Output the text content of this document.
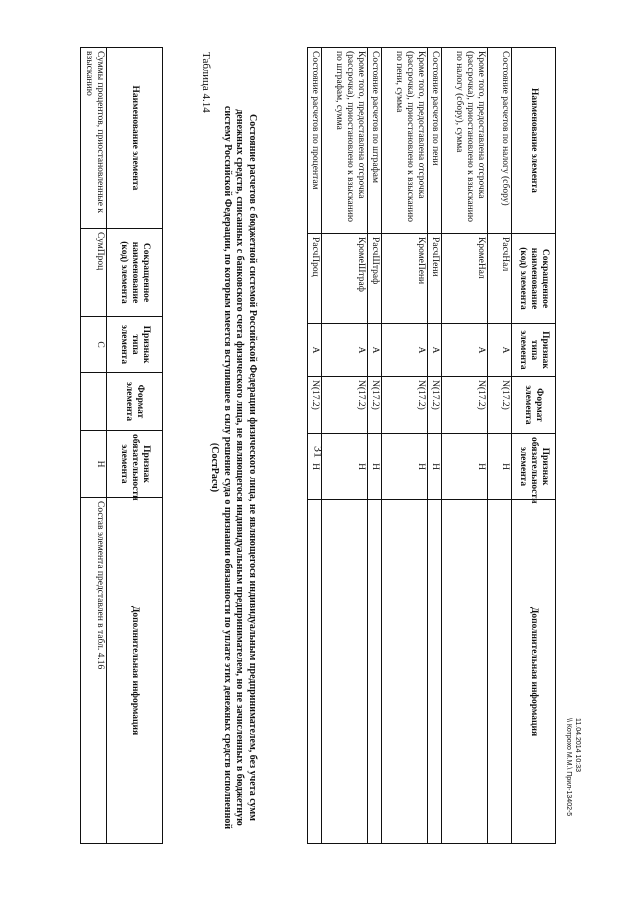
31
Наименование элемента	Сокращенное наименование (код) элемента	Признак типа элемента	Формат элемента	Признак обязательности элемента	Дополнительная информация
Суммы процентов, приостановленные к взысканию	СумПроц	С		Н	Состав элемента представлен в табл. 4.16
Таблица 4.14
Состояние расчетов с бюджетной системой Российской Федерации физического лица, не являющегося индивидуальным предпринимателем, без учета сумм денежных средств, списанных с банковского счета физического лица, не являющегося индивидуальным предпринимателем, но не зачисленных в бюджетную систему Российской Федерации, по которым имеется вступившее в силу решение суда о признании обязанности по уплате этих денежных средств исполненной (СостРасч)
Наименование элемента	Сокращенное наименование (код) элемента	Признак типа элемента	Формат элемента	Признак обязательности элемента	Дополнительная информация
Состояние расчетов по налогу (сбору)	РасчНал	А	N(17.2)	Н	
Кроме того, предоставлена отсрочка (рассрочка), приостановлено к взысканию по налогу (сбору), сумма	КромеНал	А	N(17.2)	Н	
Состояние расчетов по пени	РасчПени	А	N(17.2)	Н	
Кроме того, предоставлена отсрочка (рассрочка), приостановлено к взысканию по пени, сумма	КромеПени	А	N(17.2)	Н	
Состояние расчетов по штрафам	РасчШтраф	А	N(17.2)	Н	
Кроме того, предоставлена отсрочка (рассрочка), приостановлено к взысканию по штрафам, сумма	КромеШтраф	А	N(17.2)	Н	
Состояние расчетов по процентам	РасчПроц	А	N(17.2)	Н	
11.04.2014 10:33
\\ Котрохо М.М.\ Прил-13402-5
